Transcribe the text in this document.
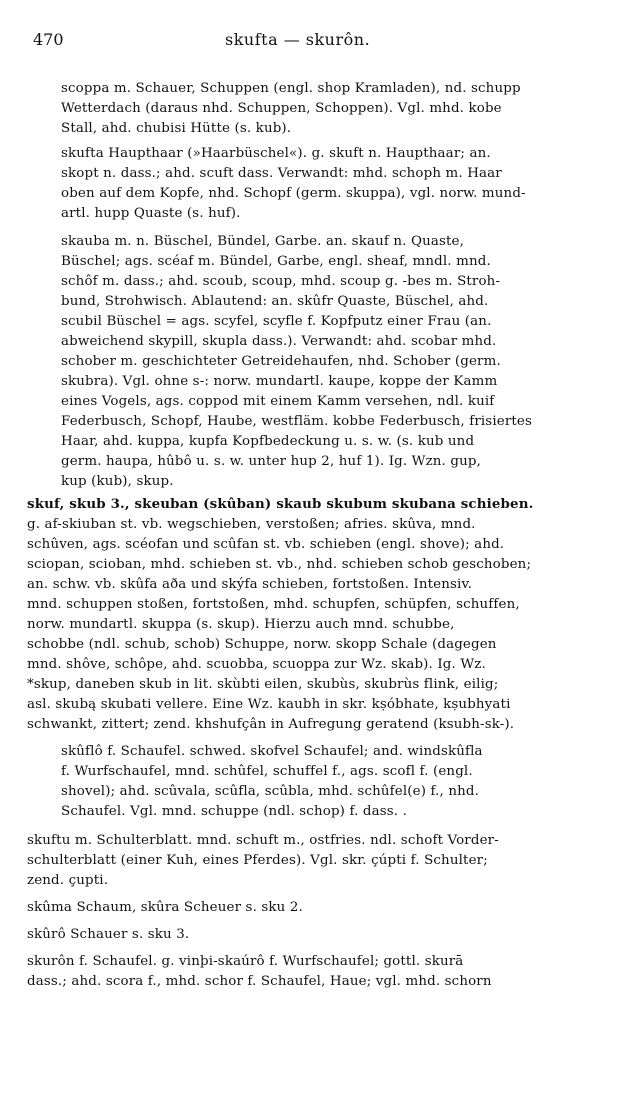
470	skufta — skurôn.
scoppa m. Schauer, Schuppen (engl. shop Kramladen), nd. schupp
Wetterdach (daraus nhd. Schuppen, Schoppen). Vgl. mhd. kobe
Stall, ahd. chubisi Hütte (s. kub).
skufta Haupthaar (»Haarbüschel«). g. skuft n. Haupthaar; an.
skopt n. dass.; ahd. scuft dass. Verwandt: mhd. schoph m. Haar
oben auf dem Kopfe, nhd. Schopf (germ. skuppa), vgl. norw. mund-
artl. hupp Quaste (s. huf).
skauba m. n. Büschel, Bündel, Garbe. an. skauf n. Quaste,
Büschel; ags. scéaf m. Bündel, Garbe, engl. sheaf, mndl. mnd.
schôf m. dass.; ahd. scoub, scoup, mhd. scoup g. -bes m. Stroh-
bund, Strohwisch. Ablautend: an. skûfr Quaste, Büschel, ahd.
scubil Büschel = ags. scyfel, scyfle f. Kopfputz einer Frau (an.
abweichend skypill, skupla dass.). Verwandt: ahd. scobar mhd.
schober m. geschichteter Getreidehaufen, nhd. Schober (germ.
skubra). Vgl. ohne s-: norw. mundartl. kaupe, koppe der Kamm
eines Vogels, ags. coppod mit einem Kamm versehen, ndl. kuif
Federbusch, Schopf, Haube, westfläm. kobbe Federbusch, frisiertes
Haar, ahd. kuppa, kupfa Kopfbedeckung u. s. w. (s. kub und
germ. haupa, hûbô u. s. w. unter hup 2, huf 1). Ig. Wzn. gup,
kup (kub), skup.
skuf, skub 3., skeuban (skûban) skaub skubum skubana schieben.
g. af-skiuban st. vb. wegschieben, verstoßen; afries. skûva, mnd.
schûven, ags. scéofan und scûfan st. vb. schieben (engl. shove); ahd.
sciopan, scioban, mhd. schieben st. vb., nhd. schieben schob geschoben;
an. schw. vb. skûfa aða und skýfa schieben, fortstoßen. Intensiv.
mnd. schuppen stoßen, fortstoßen, mhd. schupfen, schüpfen, schuffen,
norw. mundartl. skuppa (s. skup). Hierzu auch mnd. schubbe,
schobbe (ndl. schub, schob) Schuppe, norw. skopp Schale (dagegen
mnd. shôve, schôpe, ahd. scuobba, scuoppa zur Wz. skab). Ig. Wz.
*skup, daneben skub in lit. skùbti eilen, skubùs, skubrùs flink, eilig;
asl. skubą skubati vellere. Eine Wz. kaubh in skr. kṣóbhate, kṣubhyati
schwankt, zittert; zend. khshufçân in Aufregung geratend (ksubh-sk-).
skûflô f. Schaufel. schwed. skofvel Schaufel; and. windskûfla
f. Wurfschaufel, mnd. schûfel, schuffel f., ags. scofl f. (engl.
shovel); ahd. scûvala, scûfla, scûbla, mhd. schûfel(e) f., nhd.
Schaufel. Vgl. mnd. schuppe (ndl. schop) f. dass. .
skuftu m. Schulterblatt. mnd. schuft m., ostfries. ndl. schoft Vorder-
schulterblatt (einer Kuh, eines Pferdes). Vgl. skr. çúpti f. Schulter;
zend. çupti.
skûma Schaum, skûra Scheuer s. sku 2.
skûrô Schauer s. sku 3.
skurôn f. Schaufel. g. vinþi-skaúrô f. Wurfschaufel; gottl. skurā
dass.; ahd. scora f., mhd. schor f. Schaufel, Haue; vgl. mhd. schorn
